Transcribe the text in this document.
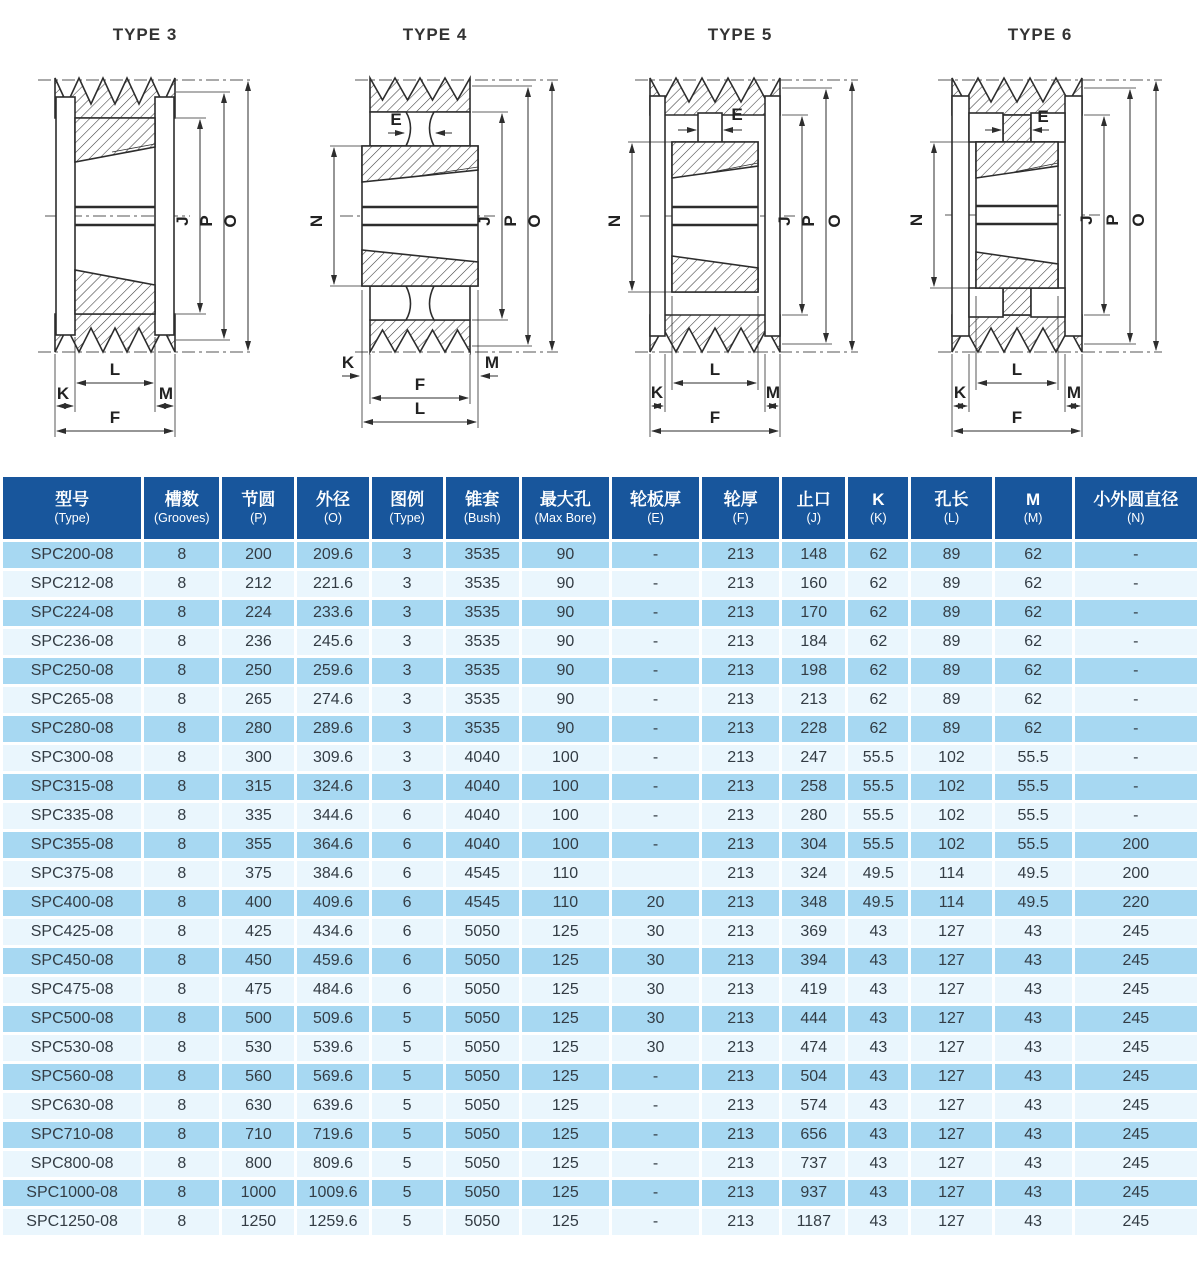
TYPE 3
J P O
L
K	M
F
TYPE 4
E
N	J P O
K	M
F
L
TYPE 5
E
N	J P O
L
K	M
F
TYPE 6
E
N	J P O
L
K	M
F
型号
(Type)

槽数
(Grooves)

节圆
(P)

外径
(O)

图例
(Type)

锥套
(Bush)

最大孔
(Max Bore)

轮板厚
(E)

轮厚
(F)

止口
(J)

K
(K)

孔长
(L)

M
(M)

小外圆直径
(N)

SPC200-08	8	200	209.6	3	3535	90	-	213	148	62	89	62	-
SPC212-08	8	212	221.6	3	3535	90	-	213	160	62	89	62	-
SPC224-08	8	224	233.6	3	3535	90	-	213	170	62	89	62	-
SPC236-08	8	236	245.6	3	3535	90	-	213	184	62	89	62	-
SPC250-08	8	250	259.6	3	3535	90	-	213	198	62	89	62	-
SPC265-08	8	265	274.6	3	3535	90	-	213	213	62	89	62	-
SPC280-08	8	280	289.6	3	3535	90	-	213	228	62	89	62	-
SPC300-08	8	300	309.6	3	4040	100	-	213	247	55.5	102	55.5	-
SPC315-08	8	315	324.6	3	4040	100	-	213	258	55.5	102	55.5	-
SPC335-08	8	335	344.6	6	4040	100	-	213	280	55.5	102	55.5	-
SPC355-08	8	355	364.6	6	4040	100	-	213	304	55.5	102	55.5	200
SPC375-08	8	375	384.6	6	4545	110		213	324	49.5	114	49.5	200
SPC400-08	8	400	409.6	6	4545	110	20	213	348	49.5	114	49.5	220
SPC425-08	8	425	434.6	6	5050	125	30	213	369	43	127	43	245
SPC450-08	8	450	459.6	6	5050	125	30	213	394	43	127	43	245
SPC475-08	8	475	484.6	6	5050	125	30	213	419	43	127	43	245
SPC500-08	8	500	509.6	5	5050	125	30	213	444	43	127	43	245
SPC530-08	8	530	539.6	5	5050	125	30	213	474	43	127	43	245
SPC560-08	8	560	569.6	5	5050	125	-	213	504	43	127	43	245
SPC630-08	8	630	639.6	5	5050	125	-	213	574	43	127	43	245
SPC710-08	8	710	719.6	5	5050	125	-	213	656	43	127	43	245
SPC800-08	8	800	809.6	5	5050	125	-	213	737	43	127	43	245
SPC1000-08	8	1000	1009.6	5	5050	125	-	213	937	43	127	43	245
SPC1250-08	8	1250	1259.6	5	5050	125	-	213	1187	43	127	43	245
